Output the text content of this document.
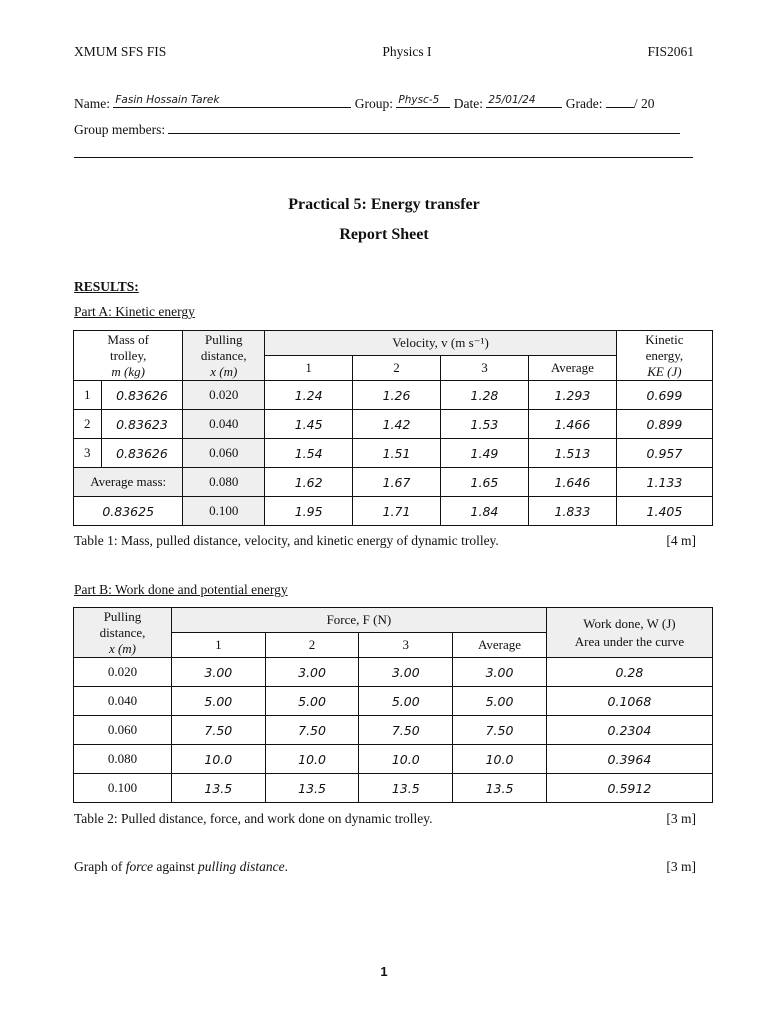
XMUM SFS FIS	Physics I	FIS2061
Name: Fasin Hossain Tarek	Group: Physc-5 Date: 25/01/24 Grade: / 20
Group members:
Practical 5: Energy transfer
Report Sheet
RESULTS:
Part A: Kinetic energy
Mass of
trolley,
m (kg)		Pulling
distance,
x (m)	Velocity, v (m s⁻¹)				Kinetic
energy,
KE (J)
			1	2	3	Average	
1	0.83626	0.020	1.24	1.26	1.28	1.293	0.699
2	0.83623	0.040	1.45	1.42	1.53	1.466	0.899
3	0.83626	0.060	1.54	1.51	1.49	1.513	0.957
Average mass:		0.080	1.62	1.67	1.65	1.646	1.133
0.83625		0.100	1.95	1.71	1.84	1.833	1.405
Table 1: Mass, pulled distance, velocity, and kinetic energy of dynamic trolley.	[4 m]
Part B: Work done and potential energy
Pulling
distance,
x (m)	Force, F (N)				Work done, W (J)
Area under the curve
	1	2	3	Average	
0.020	3.00	3.00	3.00	3.00	0.28
0.040	5.00	5.00	5.00	5.00	0.1068
0.060	7.50	7.50	7.50	7.50	0.2304
0.080	10.0	10.0	10.0	10.0	0.3964
0.100	13.5	13.5	13.5	13.5	0.5912
Table 2: Pulled distance, force, and work done on dynamic trolley.	[3 m]
Graph of force against pulling distance.	[3 m]
1
